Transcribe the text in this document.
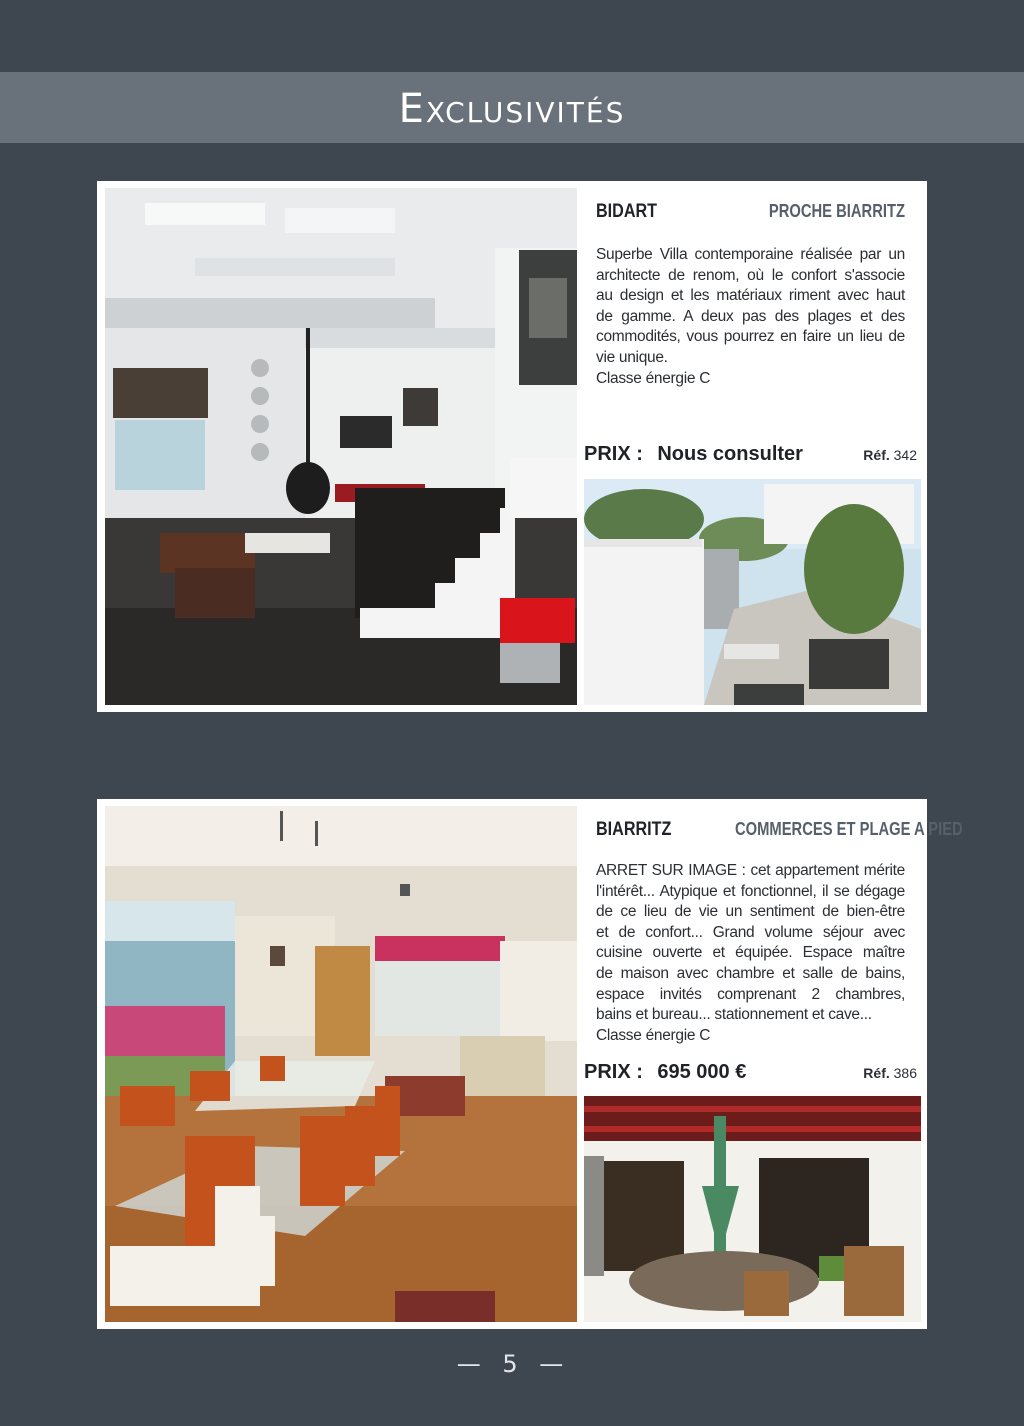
Exclusivités
BIDART	PROCHE BIARRITZ

Superbe Villa contemporaine réalisée par un

architecte de renom, où le confort s'associe

au design et les matériaux riment avec haut

de gamme. A deux pas des plages et des

commodités, vous pourrez en faire un lieu de

vie unique.

Classe énergie C

PRIX : Nous consulter	Réf. 342
BIARRITZ	COMMERCES ET PLAGE A PIED

ARRET SUR IMAGE : cet appartement mérite

l'intérêt... Atypique et fonctionnel, il se dégage

de ce lieu de vie un sentiment de bien-être

et de confort... Grand volume séjour avec

cuisine ouverte et équipée. Espace maître

de maison avec chambre et salle de bains,

espace invités comprenant 2 chambres,

bains et bureau... stationnement et cave...

Classe énergie C

PRIX : 695 000 €	Réf. 386
— 5 —
